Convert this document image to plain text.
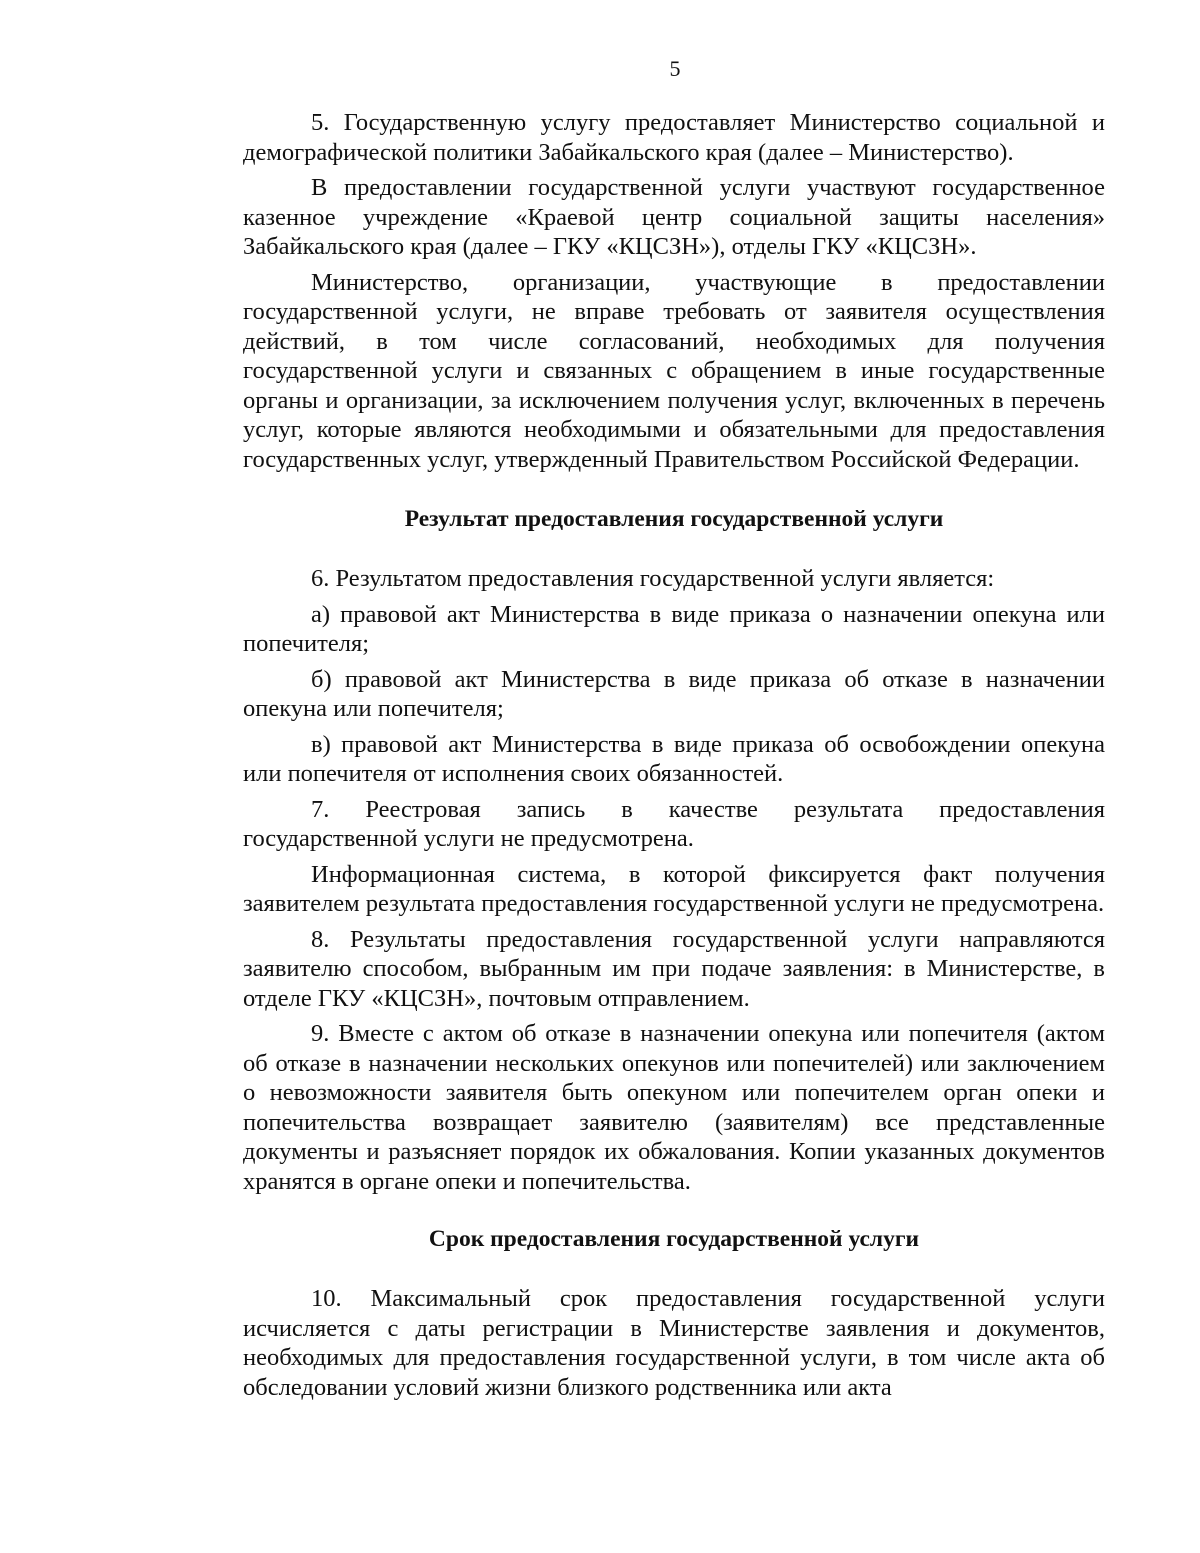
5

5. Государственную услугу предоставляет Министерство социальной и демографической политики Забайкальского края (далее – Министерство).

В предоставлении государственной услуги участвуют государственное казенное учреждение «Краевой центр социальной защиты населения» Забайкальского края (далее – ГКУ «КЦСЗН»), отделы ГКУ «КЦСЗН».

Министерство, организации, участвующие в предоставлении государственной услуги, не вправе требовать от заявителя осуществления действий, в том числе согласований, необходимых для получения государственной услуги и связанных с обращением в иные государственные органы и организации, за исключением получения услуг, включенных в перечень услуг, которые являются необходимыми и обязательными для предоставления государственных услуг, утвержденный Правительством Российской Федерации.

Результат предоставления государственной услуги

6. Результатом предоставления государственной услуги является:

а) правовой акт Министерства в виде приказа о назначении опекуна или попечителя;

б) правовой акт Министерства в виде приказа об отказе в назначении опекуна или попечителя;

в) правовой акт Министерства в виде приказа об освобождении опекуна или попечителя от исполнения своих обязанностей.

7. Реестровая запись в качестве результата предоставления государственной услуги не предусмотрена.

Информационная система, в которой фиксируется факт получения заявителем результата предоставления государственной услуги не предусмотрена.

8. Результаты предоставления государственной услуги направляются заявителю способом, выбранным им при подаче заявления: в Министерстве, в отделе ГКУ «КЦСЗН», почтовым отправлением.

9. Вместе с актом об отказе в назначении опекуна или попечителя (актом об отказе в назначении нескольких опекунов или попечителей) или заключением о невозможности заявителя быть опекуном или попечителем орган опеки и попечительства возвращает заявителю (заявителям) все представленные документы и разъясняет порядок их обжалования. Копии указанных документов хранятся в органе опеки и попечительства.

Срок предоставления государственной услуги

10. Максимальный срок предоставления государственной услуги исчисляется с даты регистрации в Министерстве заявления и документов, необходимых для предоставления государственной услуги, в том числе акта об обследовании условий жизни близкого родственника или акта
